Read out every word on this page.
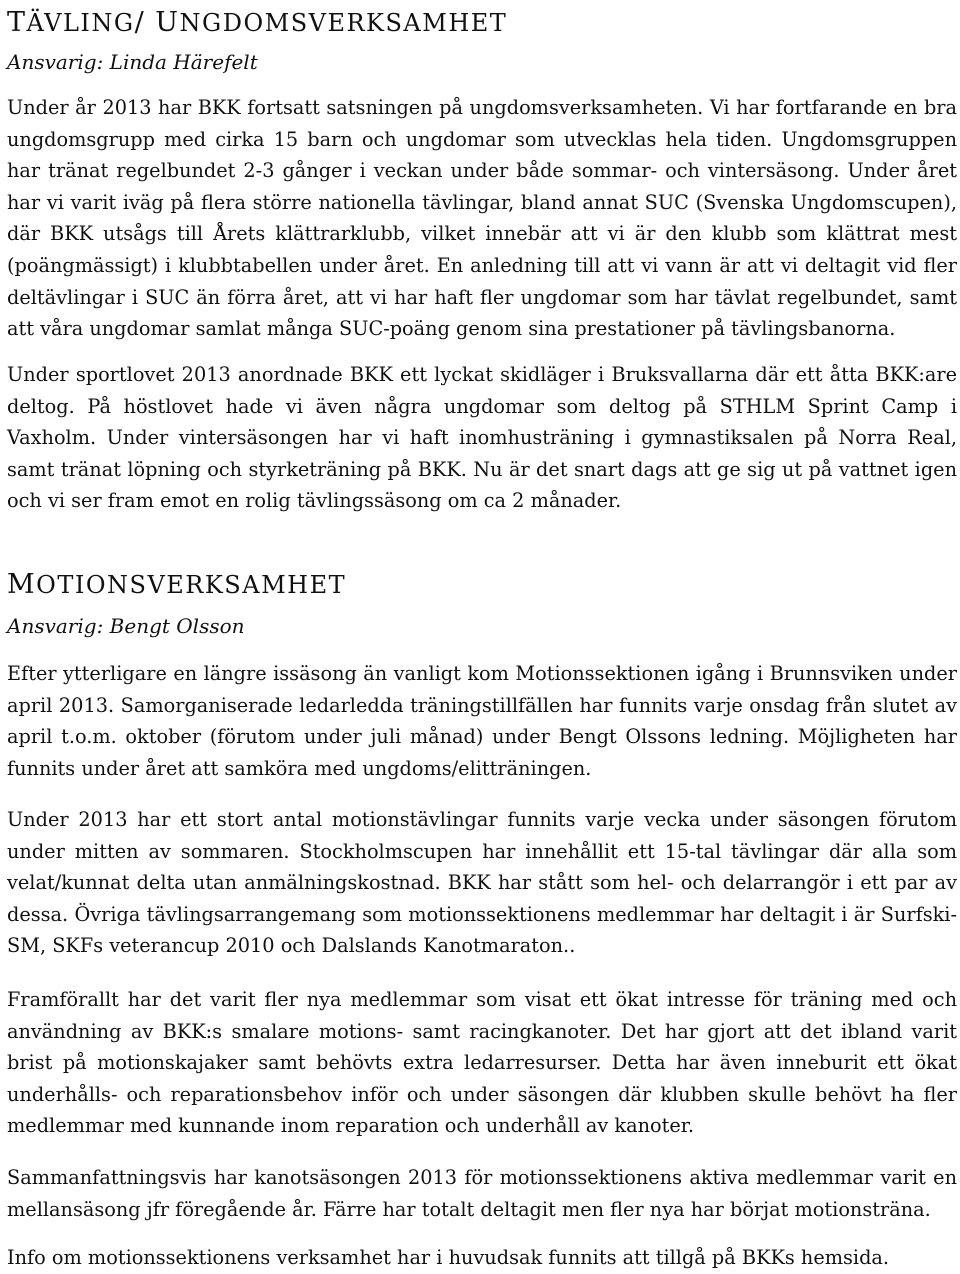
TÄVLING/ UNGDOMSVERKSAMHET

Ansvarig: Linda Härefelt

Under år 2013 har BKK fortsatt satsningen på ungdomsverksamheten. Vi har fortfarande en bra ungdomsgrupp med cirka 15 barn och ungdomar som utvecklas hela tiden. Ungdomsgruppen har tränat regelbundet 2-3 gånger i veckan under både sommar- och vintersäsong. Under året har vi varit iväg på flera större nationella tävlingar, bland annat SUC (Svenska Ungdomscupen), där BKK utsågs till Årets klättrarklubb, vilket innebär att vi är den klubb som klättrat mest (poängmässigt) i klubbtabellen under året. En anledning till att vi vann är att vi deltagit vid fler deltävlingar i SUC än förra året, att vi har haft fler ungdomar som har tävlat regelbundet, samt att våra ungdomar samlat många SUC-poäng genom sina prestationer på tävlingsbanorna.

Under sportlovet 2013 anordnade BKK ett lyckat skidläger i Bruksvallarna där ett åtta BKK:are deltog. På höstlovet hade vi även några ungdomar som deltog på STHLM Sprint Camp i Vaxholm. Under vintersäsongen har vi haft inomhusträning i gymnastiksalen på Norra Real, samt tränat löpning och styrketräning på BKK. Nu är det snart dags att ge sig ut på vattnet igen och vi ser fram emot en rolig tävlingssäsong om ca 2 månader.

MOTIONSVERKSAMHET

Ansvarig: Bengt Olsson

Efter ytterligare en längre issäsong än vanligt kom Motionssektionen igång i Brunnsviken under april 2013. Samorganiserade ledarledda träningstillfällen har funnits varje onsdag från slutet av april t.o.m. oktober (förutom under juli månad) under Bengt Olssons ledning. Möjligheten har funnits under året att samköra med ungdoms/elitträningen.

Under 2013 har ett stort antal motionstävlingar funnits varje vecka under säsongen förutom under mitten av sommaren. Stockholmscupen har innehållit ett 15-tal tävlingar där alla som velat/kunnat delta utan anmälningskostnad. BKK har stått som hel- och delarrangör i ett par av dessa. Övriga tävlingsarrangemang som motionssektionens medlemmar har deltagit i är Surfski-SM, SKFs veterancup 2010 och Dalslands Kanotmaraton..

Framförallt har det varit fler nya medlemmar som visat ett ökat intresse för träning med och användning av BKK:s smalare motions- samt racingkanoter. Det har gjort att det ibland varit brist på motionskajaker samt behövts extra ledarresurser. Detta har även inneburit ett ökat underhålls- och reparationsbehov inför och under säsongen där klubben skulle behövt ha fler medlemmar med kunnande inom reparation och underhåll av kanoter.

Sammanfattningsvis har kanotsäsongen 2013 för motionssektionens aktiva medlemmar varit en mellansäsong jfr föregående år. Färre har totalt deltagit men fler nya har börjat motionsträna.

Info om motionssektionens verksamhet har i huvudsak funnits att tillgå på BKKs hemsida.
